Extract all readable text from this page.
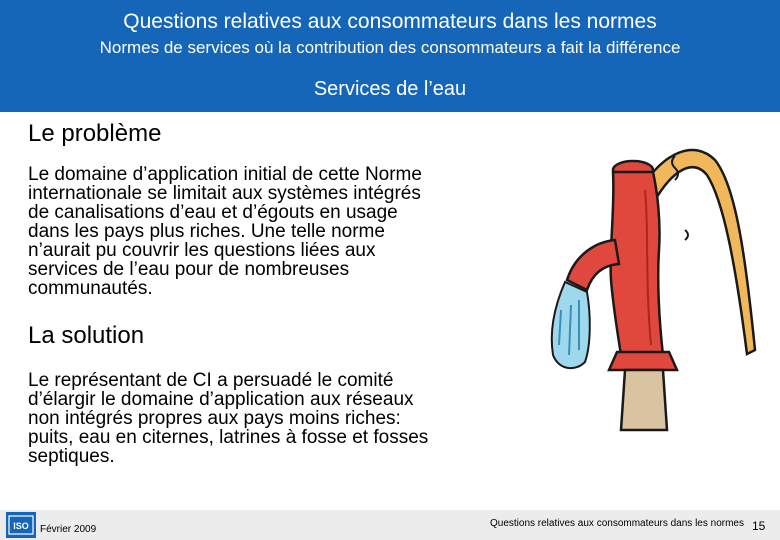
Questions relatives aux consommateurs dans les normes
Normes de services où la contribution des consommateurs a fait la différence
Services de l’eau
Le problème
Le domaine d’application initial de cette Norme
internationale se limitait aux systèmes intégrés
de canalisations d’eau et d’égouts en usage
dans les pays plus riches. Une telle norme
n’aurait pu couvrir les questions liées aux
services de l’eau pour de nombreuses
communautés.
La solution
Le représentant de CI a persuadé le comité
d’élargir le domaine d’application aux réseaux
non intégrés propres aux pays moins riches:
puits, eau en citernes, latrines à fosse et fosses
septiques.
ISO Février 2009
Questions relatives aux consommateurs dans les normes 15
